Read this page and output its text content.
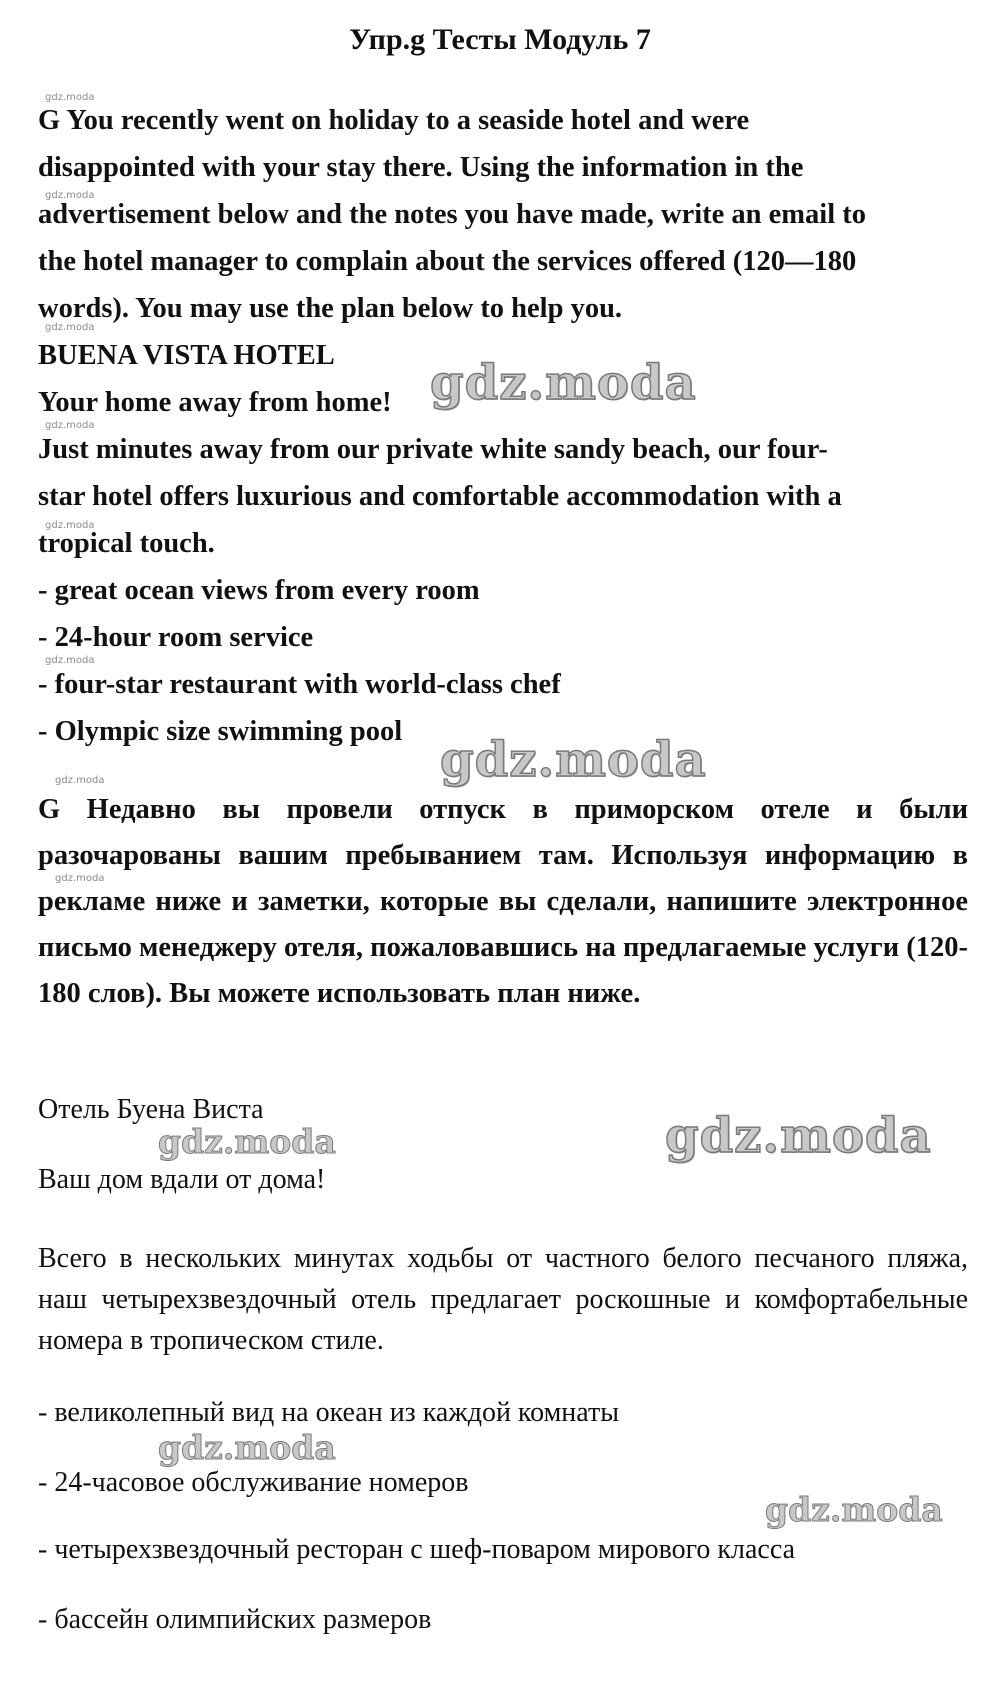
Упр.g Тесты Модуль 7
G You recently went on holiday to a seaside hotel and were
disappointed with your stay there. Using the information in the
advertisement below and the notes you have made, write an email to
the hotel manager to complain about the services offered (120—180
words). You may use the plan below to help you.
BUENA VISTA HOTEL
Your home away from home!
Just minutes away from our private white sandy beach, our four-
star hotel offers luxurious and comfortable accommodation with a
tropical touch.
- great ocean views from every room
- 24-hour room service
- four-star restaurant with world-class chef
- Olympic size swimming pool
G Недавно вы провели отпуск в приморском отеле и были разочарованы вашим пребыванием там. Используя информацию в рекламе ниже и заметки, которые вы сделали, напишите электронное письмо менеджеру отеля, пожаловавшись на предлагаемые услуги (120-180 слов). Вы можете использовать план ниже.
Отель Буена Виста
Ваш дом вдали от дома!
Всего в нескольких минутах ходьбы от частного белого песчаного пляжа, наш четырехзвездочный отель предлагает роскошные и комфортабельные номера в тропическом стиле.
- великолепный вид на океан из каждой комнаты
- 24-часовое обслуживание номеров
- четырехзвездочный ресторан с шеф-поваром мирового класса
- бассейн олимпийских размеров
gdz.moda
gdz.moda
gdz.moda
gdz.moda
gdz.moda
gdz.moda
gdz.moda
gdz.moda
gdz.moda
gdz.moda
gdz.moda
gdz.moda
gdz.moda
gdz.moda
